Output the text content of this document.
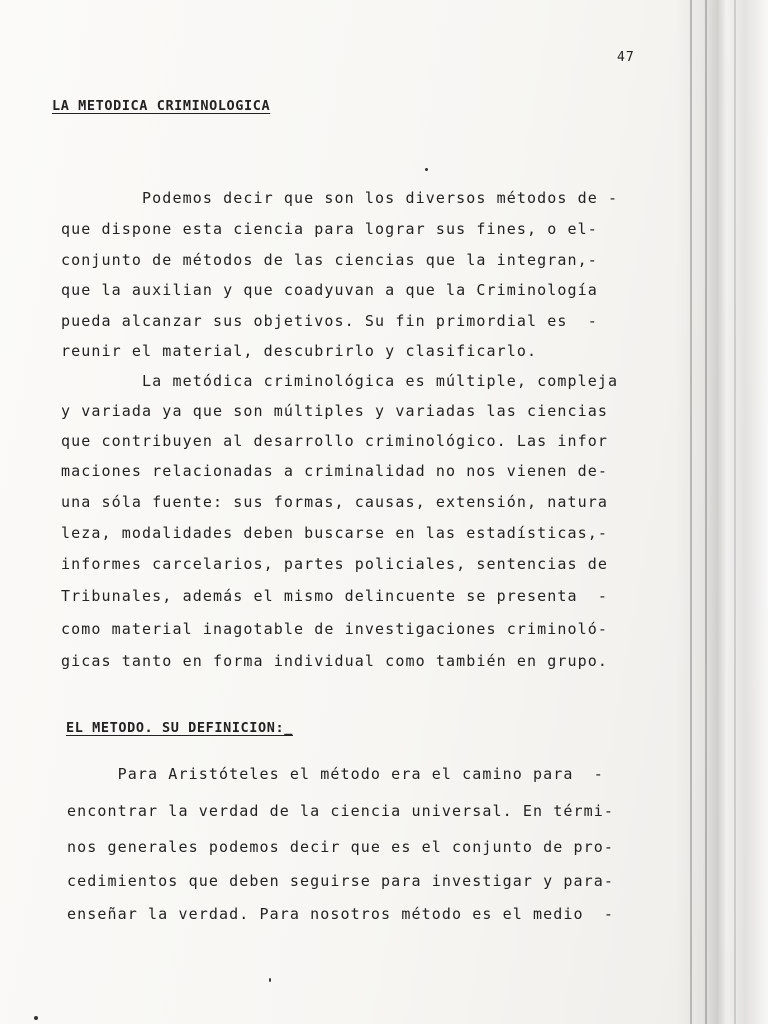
47
LA METODICA CRIMINOLOGICA
Podemos decir que son los diversos métodos de -
que dispone esta ciencia para lograr sus fines, o el-
conjunto de métodos de las ciencias que la integran,-
que la auxilian y que coadyuvan a que la Criminología
pueda alcanzar sus objetivos. Su fin primordial es  -
reunir el material, descubrirlo y clasificarlo.
La metódica criminológica es múltiple, compleja
y variada ya que son múltiples y variadas las ciencias
que contribuyen al desarrollo criminológico. Las infor
maciones relacionadas a criminalidad no nos vienen de-
una sóla fuente: sus formas, causas, extensión, natura
leza, modalidades deben buscarse en las estadísticas,-
informes carcelarios, partes policiales, sentencias de
Tribunales, además el mismo delincuente se presenta  -
como material inagotable de investigaciones criminoló-
gicas tanto en forma individual como también en grupo.
EL METODO. SU DEFINICION:_
Para Aristóteles el método era el camino para  -
encontrar la verdad de la ciencia universal. En térmi-
nos generales podemos decir que es el conjunto de pro-
cedimientos que deben seguirse para investigar y para-
enseñar la verdad. Para nosotros método es el medio  -
